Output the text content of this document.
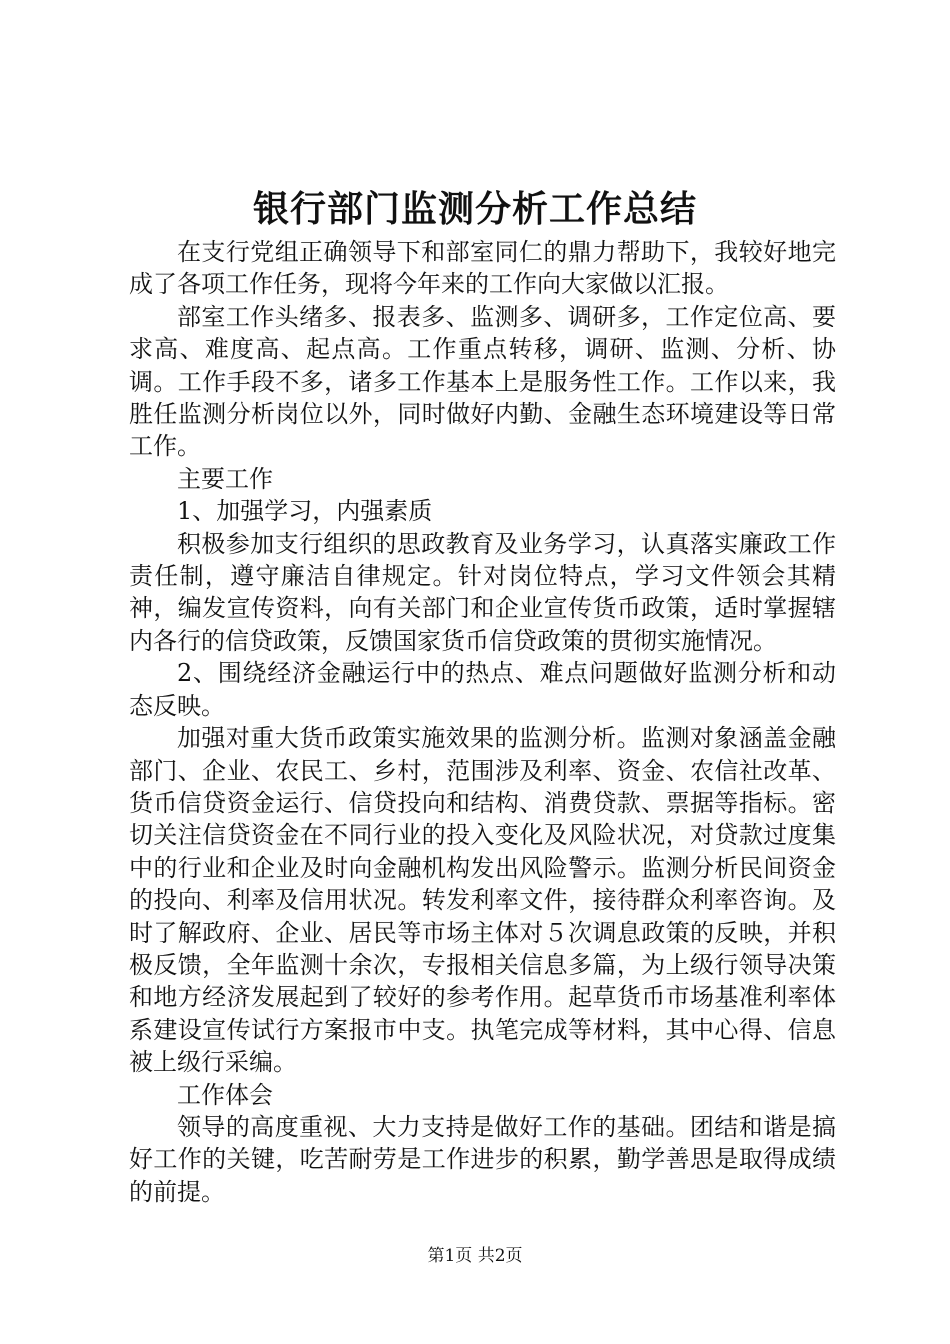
银行部门监测分析工作总结

在支行党组正确领导下和部室同仁的鼎力帮助下，我较好地完成了各项工作任务，现将今年来的工作向大家做以汇报。

部室工作头绪多、报表多、监测多、调研多，工作定位高、要求高、难度高、起点高。工作重点转移，调研、监测、分析、协调。工作手段不多，诸多工作基本上是服务性工作。工作以来，我胜任监测分析岗位以外，同时做好内勤、金融生态环境建设等日常工作。

主要工作

1、加强学习，内强素质

积极参加支行组织的思政教育及业务学习，认真落实廉政工作责任制，遵守廉洁自律规定。针对岗位特点，学习文件领会其精神，编发宣传资料，向有关部门和企业宣传货币政策，适时掌握辖内各行的信贷政策，反馈国家货币信贷政策的贯彻实施情况。

2、围绕经济金融运行中的热点、难点问题做好监测分析和动态反映。

加强对重大货币政策实施效果的监测分析。监测对象涵盖金融部门、企业、农民工、乡村，范围涉及利率、资金、农信社改革、货币信贷资金运行、信贷投向和结构、消费贷款、票据等指标。密切关注信贷资金在不同行业的投入变化及风险状况，对贷款过度集中的行业和企业及时向金融机构发出风险警示。监测分析民间资金的投向、利率及信用状况。转发利率文件，接待群众利率咨询。及时了解政府、企业、居民等市场主体对５次调息政策的反映，并积极反馈，全年监测十余次，专报相关信息多篇，为上级行领导决策和地方经济发展起到了较好的参考作用。起草货币市场基准利率体系建设宣传试行方案报市中支。执笔完成等材料，其中心得、信息被上级行采编。

工作体会

领导的高度重视、大力支持是做好工作的基础。团结和谐是搞好工作的关键，吃苦耐劳是工作进步的积累，勤学善思是取得成绩的前提。

第1页 共2页
